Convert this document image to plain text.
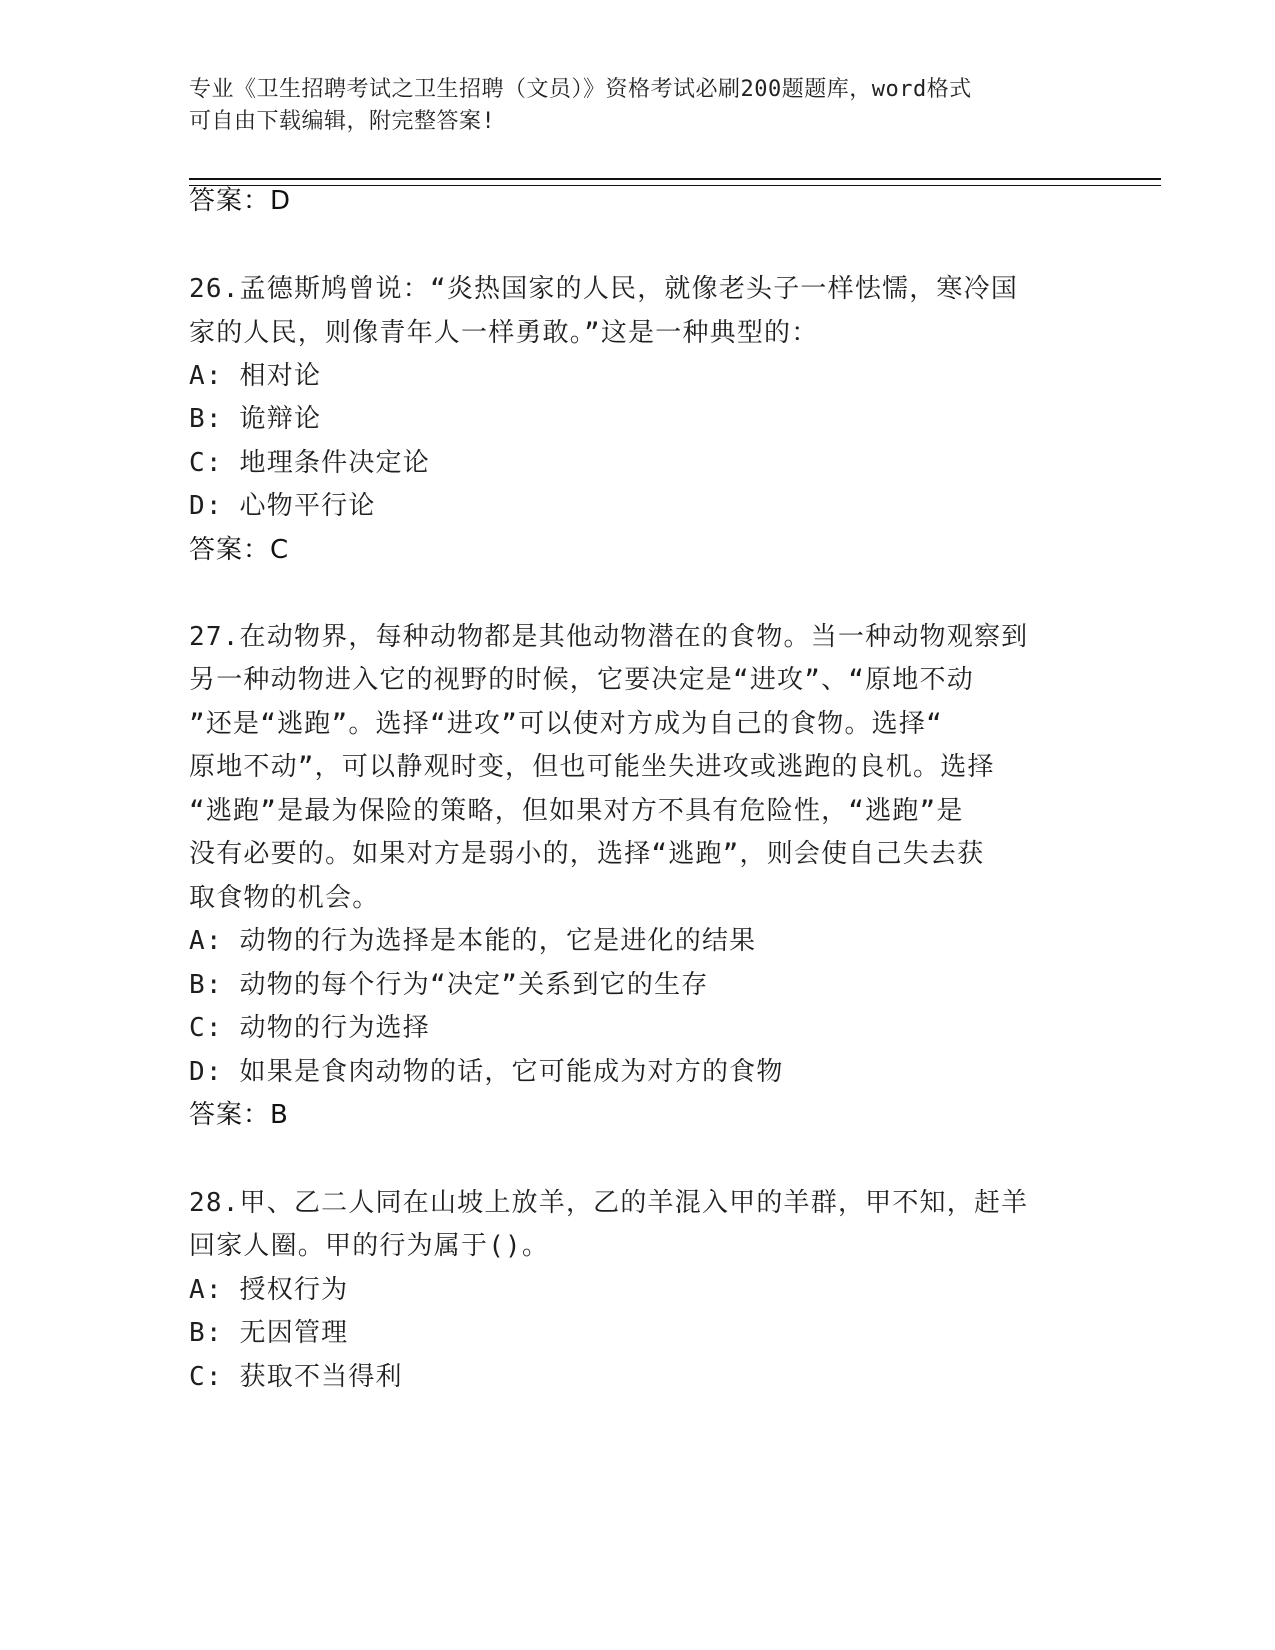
专业《卫生招聘考试之卫生招聘（文员）》资格考试必刷200题题库，word格式
可自由下载编辑，附完整答案!
答案：D
26.孟德斯鸠曾说：“炎热国家的人民，就像老头子一样怯懦，寒冷国
家的人民，则像青年人一样勇敢。”这是一种典型的：
A: 相对论
B: 诡辩论
C: 地理条件决定论
D: 心物平行论
答案：C
27.在动物界，每种动物都是其他动物潜在的食物。当一种动物观察到
另一种动物进入它的视野的时候，它要决定是“进攻”、“原地不动
”还是“逃跑”。选择“进攻”可以使对方成为自己的食物。选择“
原地不动”，可以静观时变，但也可能坐失进攻或逃跑的良机。选择
“逃跑”是最为保险的策略，但如果对方不具有危险性，“逃跑”是
没有必要的。如果对方是弱小的，选择“逃跑”，则会使自己失去获
取食物的机会。
A: 动物的行为选择是本能的，它是进化的结果
B: 动物的每个行为“决定”关系到它的生存
C: 动物的行为选择
D: 如果是食肉动物的话，它可能成为对方的食物
答案：B
28.甲、乙二人同在山坡上放羊，乙的羊混入甲的羊群，甲不知，赶羊
回家人圈。甲的行为属于()。
A: 授权行为
B: 无因管理
C: 获取不当得利
